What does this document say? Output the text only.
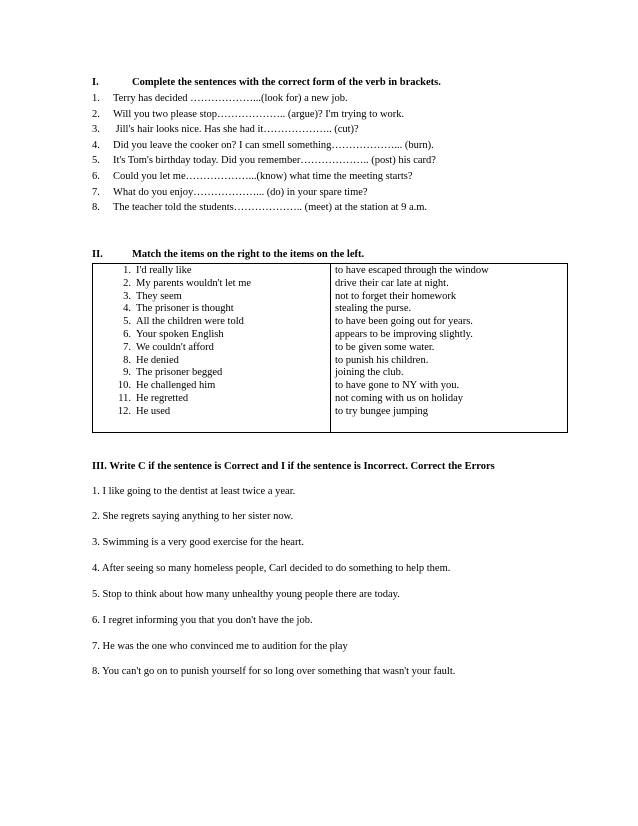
I.	Complete the sentences with the correct form of the verb in brackets.
1. Terry has decided ………………...(look for) a new job.
2. Will you two please stop……………….. (argue)? I'm trying to work.
3. Jill's hair looks nice. Has she had it……………….. (cut)?
4. Did you leave the cooker on? I can smell something………………... (burn).
5. It's Tom's birthday today. Did you remember……………….. (post) his card?
6. Could you let me………………...(know) what time the meeting starts?
7. What do you enjoy………………... (do) in your spare time?
8. The teacher told the students……………….. (meet) at the station at 9 a.m.
II.	Match the items on the right to the items on the left.
1. I'd really like
2. My parents wouldn't let me
3. They seem
4. The prisoner is thought
5. All the children were told
6. Your spoken English
7. We couldn't afford
8. He denied
9. The prisoner begged
10. He challenged him
11. He regretted
12. He used
to have escaped through the window
drive their car late at night.
not to forget their homework
stealing the purse.
to have been going out for years.
appears to be improving slightly.
to be given some water.
to punish his children.
joining the club.
to have gone to NY with you.
not coming with us on holiday
to try bungee jumping
III. Write C if the sentence is Correct and I if the sentence is Incorrect. Correct the Errors
1. I like going to the dentist at least twice a year.
2. She regrets saying anything to her sister now.
3. Swimming is a very good exercise for the heart.
4. After seeing so many homeless people, Carl decided to do something to help them.
5. Stop to think about how many unhealthy young people there are today.
6. I regret informing you that you don't have the job.
7. He was the one who convinced me to audition for the play
8. You can't go on to punish yourself for so long over something that wasn't your fault.
